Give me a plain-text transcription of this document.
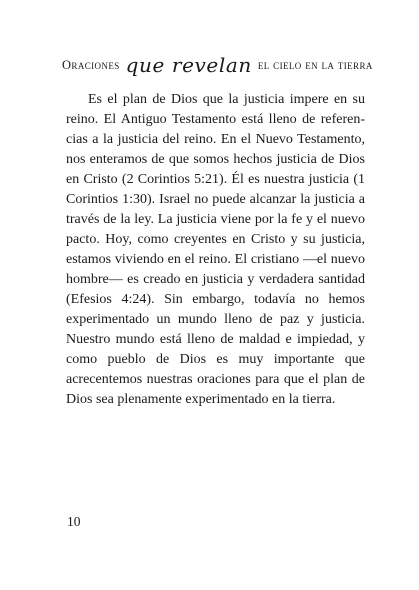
Oraciones que revelan el cielo en la tierra

Es el plan de Dios que la justicia impere en su reino. El Antiguo Testamento está lleno de referencias a la justicia del reino. En el Nuevo Testamento, nos enteramos de que somos hechos justicia de Dios en Cristo (2 Corintios 5:21). Él es nuestra justicia (1 Corintios 1:30). Israel no puede alcanzar la justicia a través de la ley. La justicia viene por la fe y el nuevo pacto. Hoy, como creyentes en Cristo y su justicia, estamos viviendo en el reino. El cristiano —el nuevo hombre— es creado en justicia y verdadera santidad (Efesios 4:24). Sin embargo, todavía no hemos experimentado un mundo lleno de paz y justicia. Nuestro mundo está lleno de maldad e impiedad, y como pueblo de Dios es muy importante que acrecentemos nuestras oraciones para que el plan de Dios sea plenamente experimentado en la tierra.

10
